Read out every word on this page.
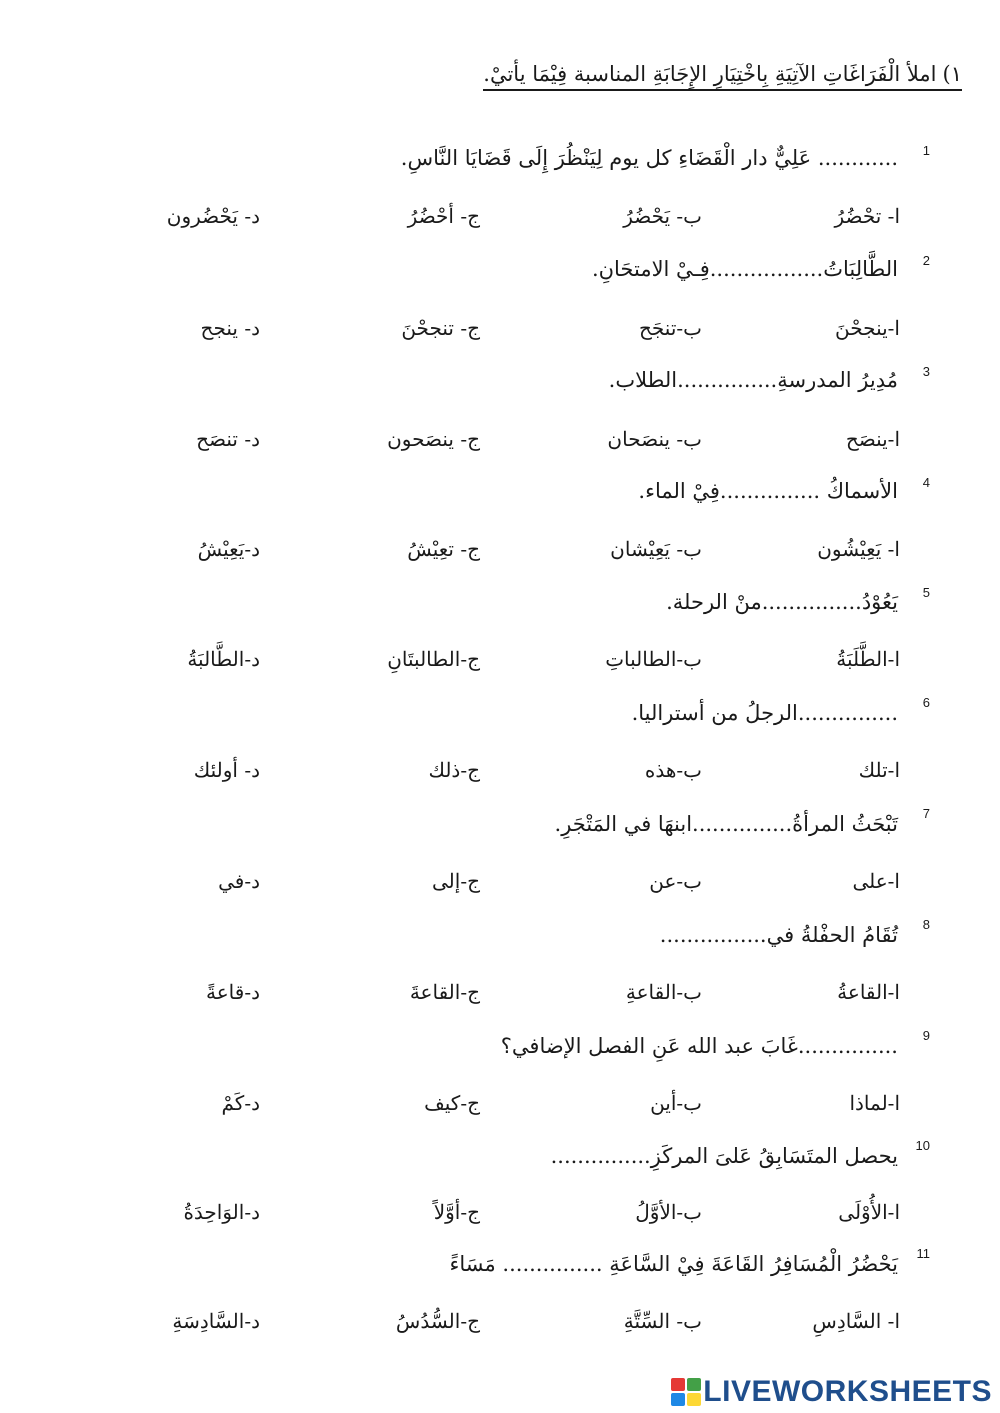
١)املأ الْفَرَاغَاتِ الآتِيَةِ بِاخْتِيَارِ الإِجَابَةِ المناسبة فِيْمَا يأتيْ.
1
............ عَلِيٌّ دار الْقَضَاءِ كل يوم لِيَنْظُرَ إِلَى قَضَايَا النَّاسِ.
ا- تحْضُرُ
ب- يَحْضُرُ
ج- أحْضُرُ
د- يَحْضُرون
2
الطَّالِبَاتُ.................فِـيْ الامتحَانِ.
ا-ينجحْنَ
ب-تنجَح
ج- تنجحْنَ
د- ينجح
3
مُدِيرُ المدرسةِ...............الطلاب.
ا-ينصَح
ب- ينصَحان
ج- ينصَحون
د- تنصَح
4
الأسماكُ ...............فِيْ الماء.
ا- يَعِيْشُون
ب- يَعِيْشان
ج- تعِيْشُ
د-يَعِيْشُ
5
يَعُوْدُ...............منْ الرحلة.
ا-الطَّلَبَةُ
ب-الطالباتِ
ج-الطالبتَانِ
د-الطَّالبَةُ
6
...............الرجلُ من أستراليا.
ا-تلك
ب-هذه
ج-ذلك
د- أولئك
7
تَبْحَثُ المرأةُ...............ابنهَا في المَتْجَرِ.
ا-على
ب-عن
ج-إلى
د-في
8
تُقَامُ الحفْلةُ في................
ا-القاعةُ
ب-القاعةِ
ج-القاعةَ
د-قاعةً
9
...............غَابَ عبد الله عَنِ الفصل الإضافي؟
ا-لماذا
ب-أين
ج-كيف
د-كَمْ
10
يحصل المتَسَابِقُ عَلىَ المركَزِ...............
ا-الأُوْلَى
ب-الأوَّلُ
ج-أوَّلاً
د-الوَاحِدَةُ
11
يَحْضُرُ الْمُسَافِرُ القَاعَةَ فِيْ السَّاعَةِ ............... مَسَاءً
ا- السَّادِسِ
ب- السِّتَّةِ
ج-السُّدُسُ
د-السَّادِسَةِ
LIVEWORKSHEETS
